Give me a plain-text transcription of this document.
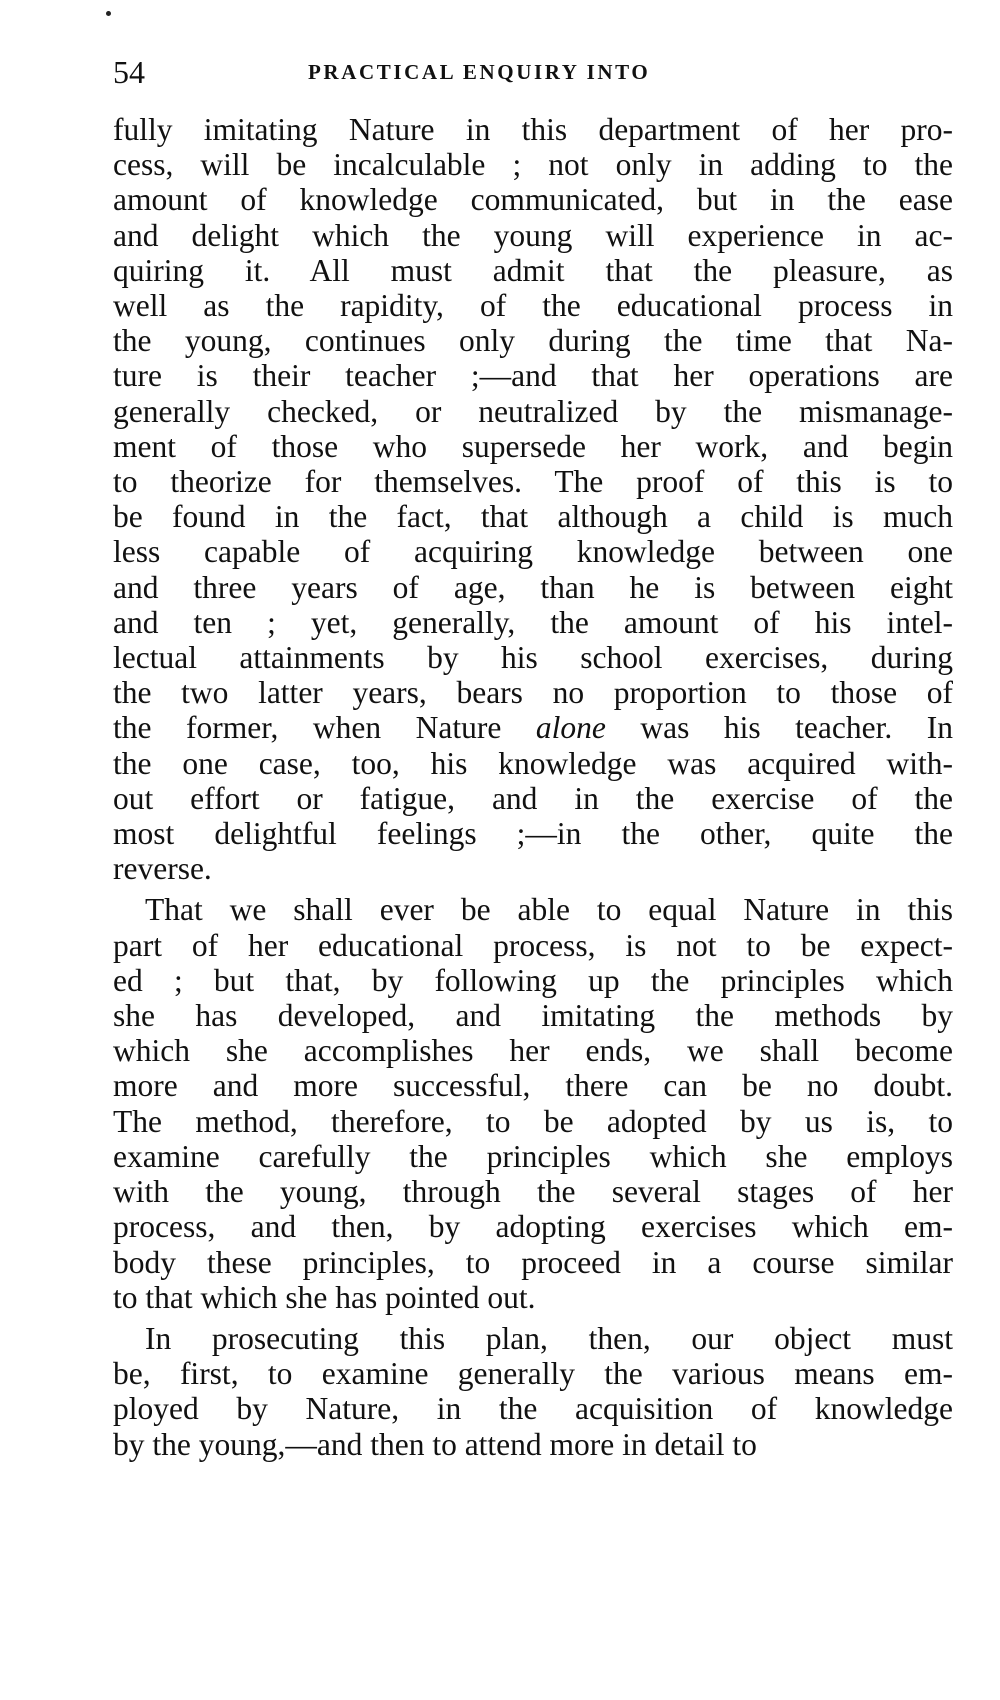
54	PRACTICAL ENQUIRY INTO

fully imitating Nature in this department of her pro-
cess, will be incalculable ; not only in adding to the
amount of knowledge communicated, but in the ease
and delight which the young will experience in ac-
quiring it. All must admit that the pleasure, as
well as the rapidity, of the educational process in
the young, continues only during the time that Na-
ture is their teacher ;—and that her operations are
generally checked, or neutralized by the mismanage-
ment of those who supersede her work, and begin
to theorize for themselves. The proof of this is to
be found in the fact, that although a child is much
less capable of acquiring knowledge between one
and three years of age, than he is between eight
and ten ; yet, generally, the amount of his intel-
lectual attainments by his school exercises, during
the two latter years, bears no proportion to those of
the former, when Nature alone was his teacher. In
the one case, too, his knowledge was acquired with-
out effort or fatigue, and in the exercise of the
most delightful feelings ;—in the other, quite the
reverse.

That we shall ever be able to equal Nature in this
part of her educational process, is not to be expect-
ed ; but that, by following up the principles which
she has developed, and imitating the methods by
which she accomplishes her ends, we shall become
more and more successful, there can be no doubt.
The method, therefore, to be adopted by us is, to
examine carefully the principles which she employs
with the young, through the several stages of her
process, and then, by adopting exercises which em-
body these principles, to proceed in a course similar
to that which she has pointed out.

In prosecuting this plan, then, our object must
be, first, to examine generally the various means em-
ployed by Nature, in the acquisition of knowledge
by the young,—and then to attend more in detail to
